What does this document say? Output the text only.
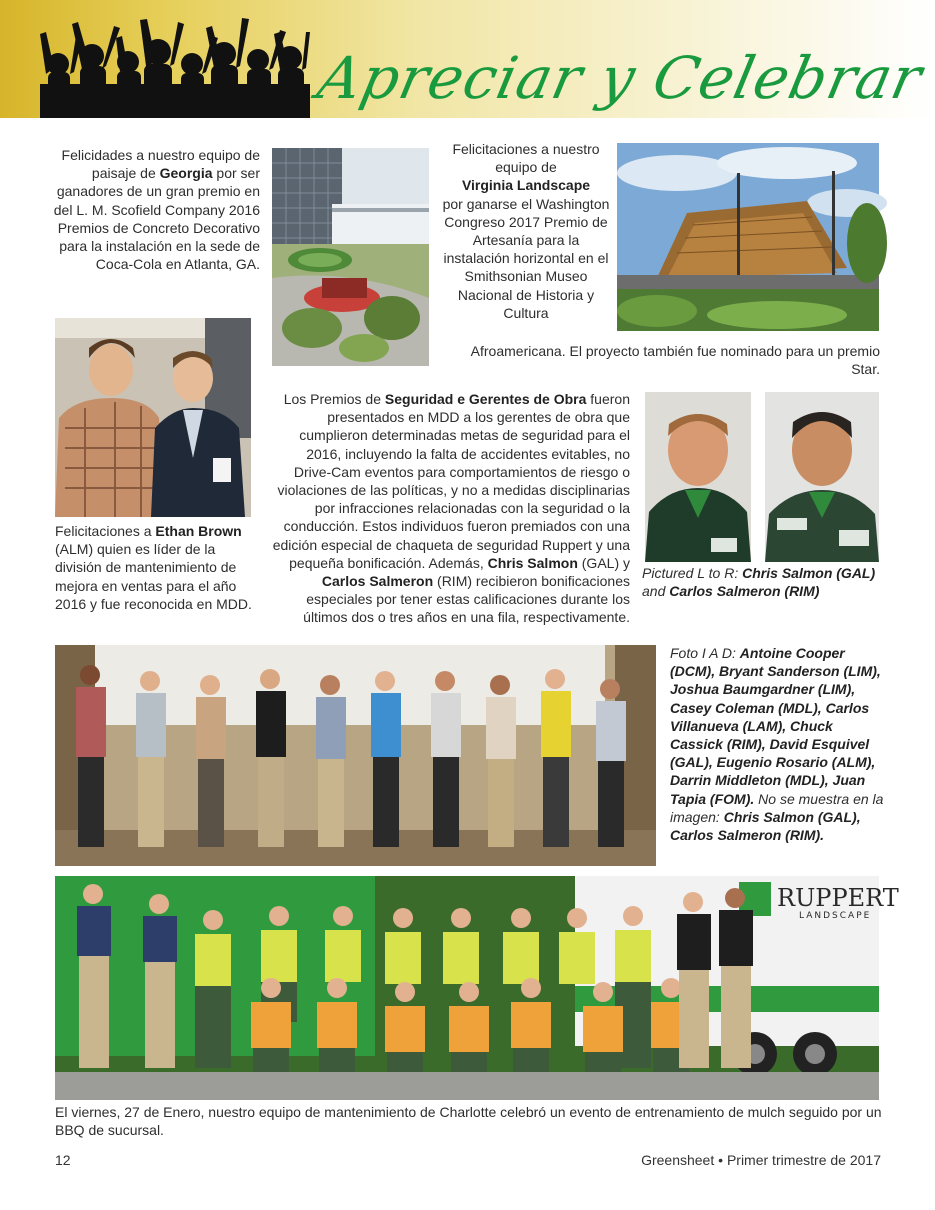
Apreciar y Celebrar
Felicidades a nuestro equipo de paisaje de Georgia por ser ganadores de un gran premio en del L. M. Scofield Company 2016 Premios de Concreto Decorativo para la instalación en la sede de Coca-Cola en Atlanta, GA.
Felicitaciones a nuestro equipo de
Virginia Landscape
por ganarse el Washington Congreso 2017 Premio de Artesanía para la instalación horizontal en el Smithsonian Museo Nacional de Historia y Cultura
Afroamericana. El proyecto también fue nominado para un premio Star.
Felicitaciones a Ethan Brown (ALM) quien es líder de la división de mantenimiento de mejora en ventas para el año 2016 y fue reconocida en MDD.
Los Premios de Seguridad e Gerentes de Obra fueron presentados en MDD a los gerentes de obra que cumplieron determinadas metas de seguridad para el 2016, incluyendo la falta de accidentes evitables, no Drive-Cam eventos para comportamientos de riesgo o violaciones de las políticas, y no a medidas disciplinarias por infracciones relacionadas con la seguridad o la conducción. Estos individuos fueron premiados con una edición especial de chaqueta de seguridad Ruppert y una pequeña bonificación. Además, Chris Salmon (GAL) y Carlos Salmeron (RIM) recibieron bonificaciones especiales por tener estas calificaciones durante los últimos dos o tres años en una fila, respectivamente.
Pictured L to R: Chris Salmon (GAL) and Carlos Salmeron (RIM)
Foto I A D: Antoine Cooper (DCM), Bryant Sanderson (LIM), Joshua Baumgardner (LIM), Casey Coleman (MDL), Carlos Villanueva (LAM), Chuck Cassick (RIM), David Esquivel (GAL), Eugenio Rosario (ALM), Darrin Middleton (MDL), Juan Tapia (FOM). No se muestra en la imagen: Chris Salmon (GAL), Carlos Salmeron (RIM).
RUPPERT
LANDSCAPE
El viernes, 27 de Enero, nuestro equipo de mantenimiento de Charlotte celebró un evento de entrenamiento de mulch seguido por un BBQ de sucursal.
12	Greensheet • Primer trimestre de 2017
